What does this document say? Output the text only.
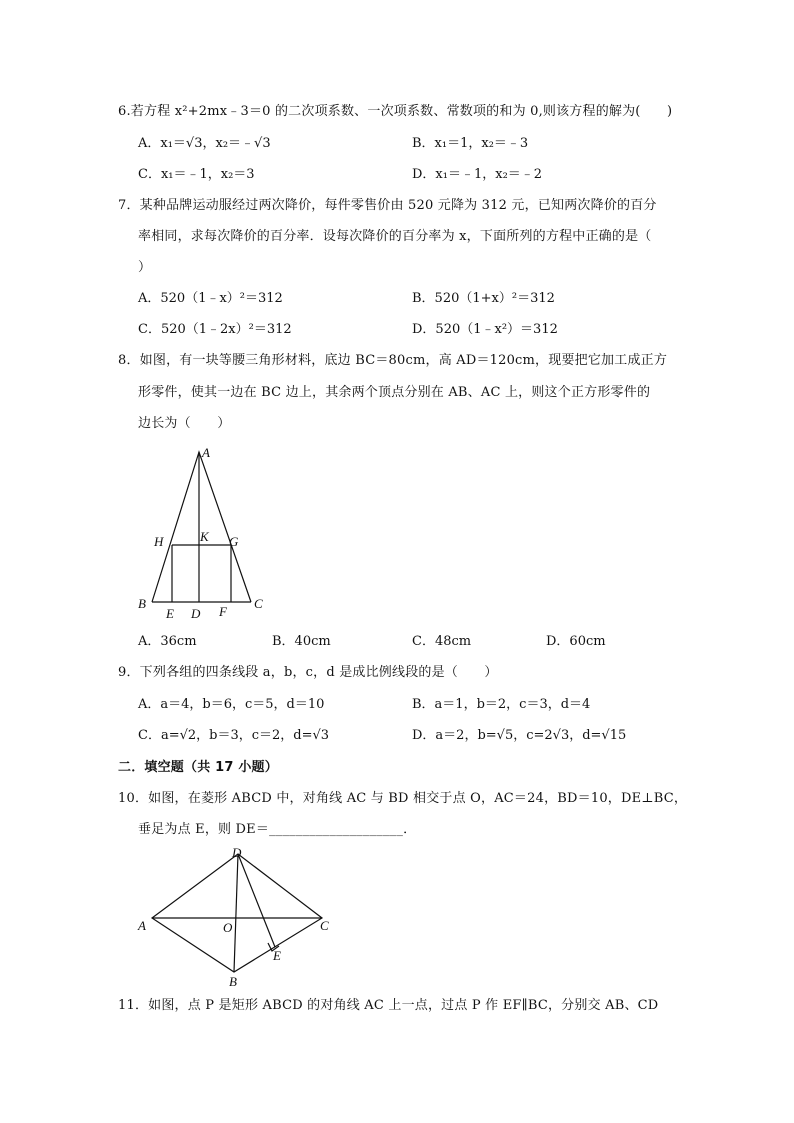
6.若方程 x²+2mx﹣3＝0 的二次项系数、一次项系数、常数项的和为 0,则该方程的解为(　　)
A．x₁＝√3，x₂＝﹣√3	B．x₁＝1，x₂＝﹣3
C．x₁＝﹣1，x₂＝3	D．x₁＝﹣1，x₂＝﹣2
7．某种品牌运动服经过两次降价，每件零售价由 520 元降为 312 元，已知两次降价的百分
率相同，求每次降价的百分率．设每次降价的百分率为 x，下面所列的方程中正确的是（
）
A．520（1﹣x）²＝312	B．520（1+x）²＝312
C．520（1﹣2x）²＝312	D．520（1﹣x²）＝312
8．如图，有一块等腰三角形材料，底边 BC＝80cm，高 AD＝120cm，现要把它加工成正方
形零件，使其一边在 BC 边上，其余两个顶点分别在 AB、AC 上，则这个正方形零件的
边长为（　　）
A
H	K G
B
E D F
C
A．36cm	B．40cm	C．48cm	D．60cm
9．下列各组的四条线段 a，b，c，d 是成比例线段的是（　　）
A．a＝4，b＝6，c＝5，d＝10	B．a＝1，b＝2，c＝3，d＝4
C．a=√2，b＝3，c＝2，d=√3	D．a＝2，b=√5，c=2√3，d=√15
二．填空题（共 17 小题）
10．如图，在菱形 ABCD 中，对角线 AC 与 BD 相交于点 O，AC＝24，BD＝10，DE⊥BC，
垂足为点 E，则 DE＝____________________．
D
A	O	C
E
B
11．如图，点 P 是矩形 ABCD 的对角线 AC 上一点，过点 P 作 EF∥BC，分别交 AB、CD
